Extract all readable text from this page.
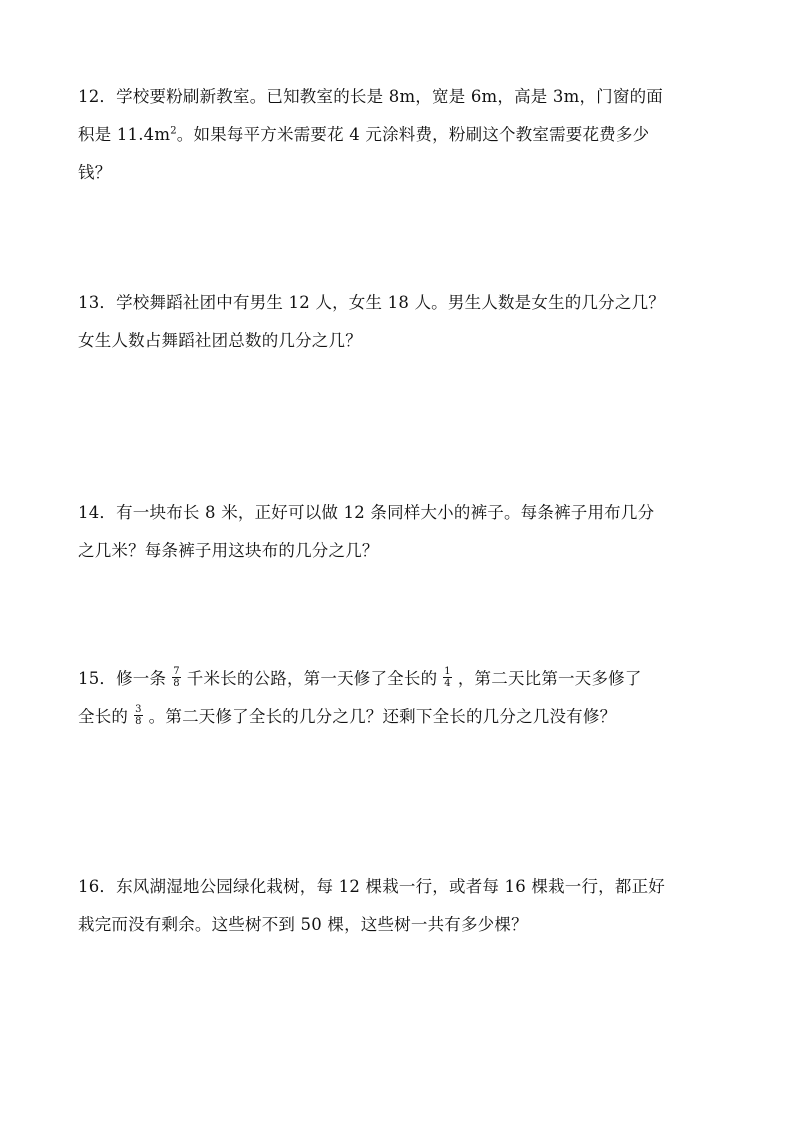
12．学校要粉刷新教室。已知教室的长是 8m，宽是 6m，高是 3m，门窗的面
积是 $11.4m^2$。如果每平方米需要花 4 元涂料费，粉刷这个教室需要花费多少
钱？
13．学校舞蹈社团中有男生 12 人，女生 18 人。男生人数是女生的几分之几？
女生人数占舞蹈社团总数的几分之几？
14．有一块布长 8 米，正好可以做 12 条同样大小的裤子。每条裤子用布几分
之几米？每条裤子用这块布的几分之几？
15．修一条 $\frac{7}{8}$ 千米长的公路，第一天修了全长的 $\frac{1}{4}$ ，第二天比第一天多修了
全长的 $\frac{3}{8}$ 。第二天修了全长的几分之几？还剩下全长的几分之几没有修？
16．东风湖湿地公园绿化栽树，每 12 棵栽一行，或者每 16 棵栽一行，都正好
栽完而没有剩余。这些树不到 50 棵，这些树一共有多少棵？
